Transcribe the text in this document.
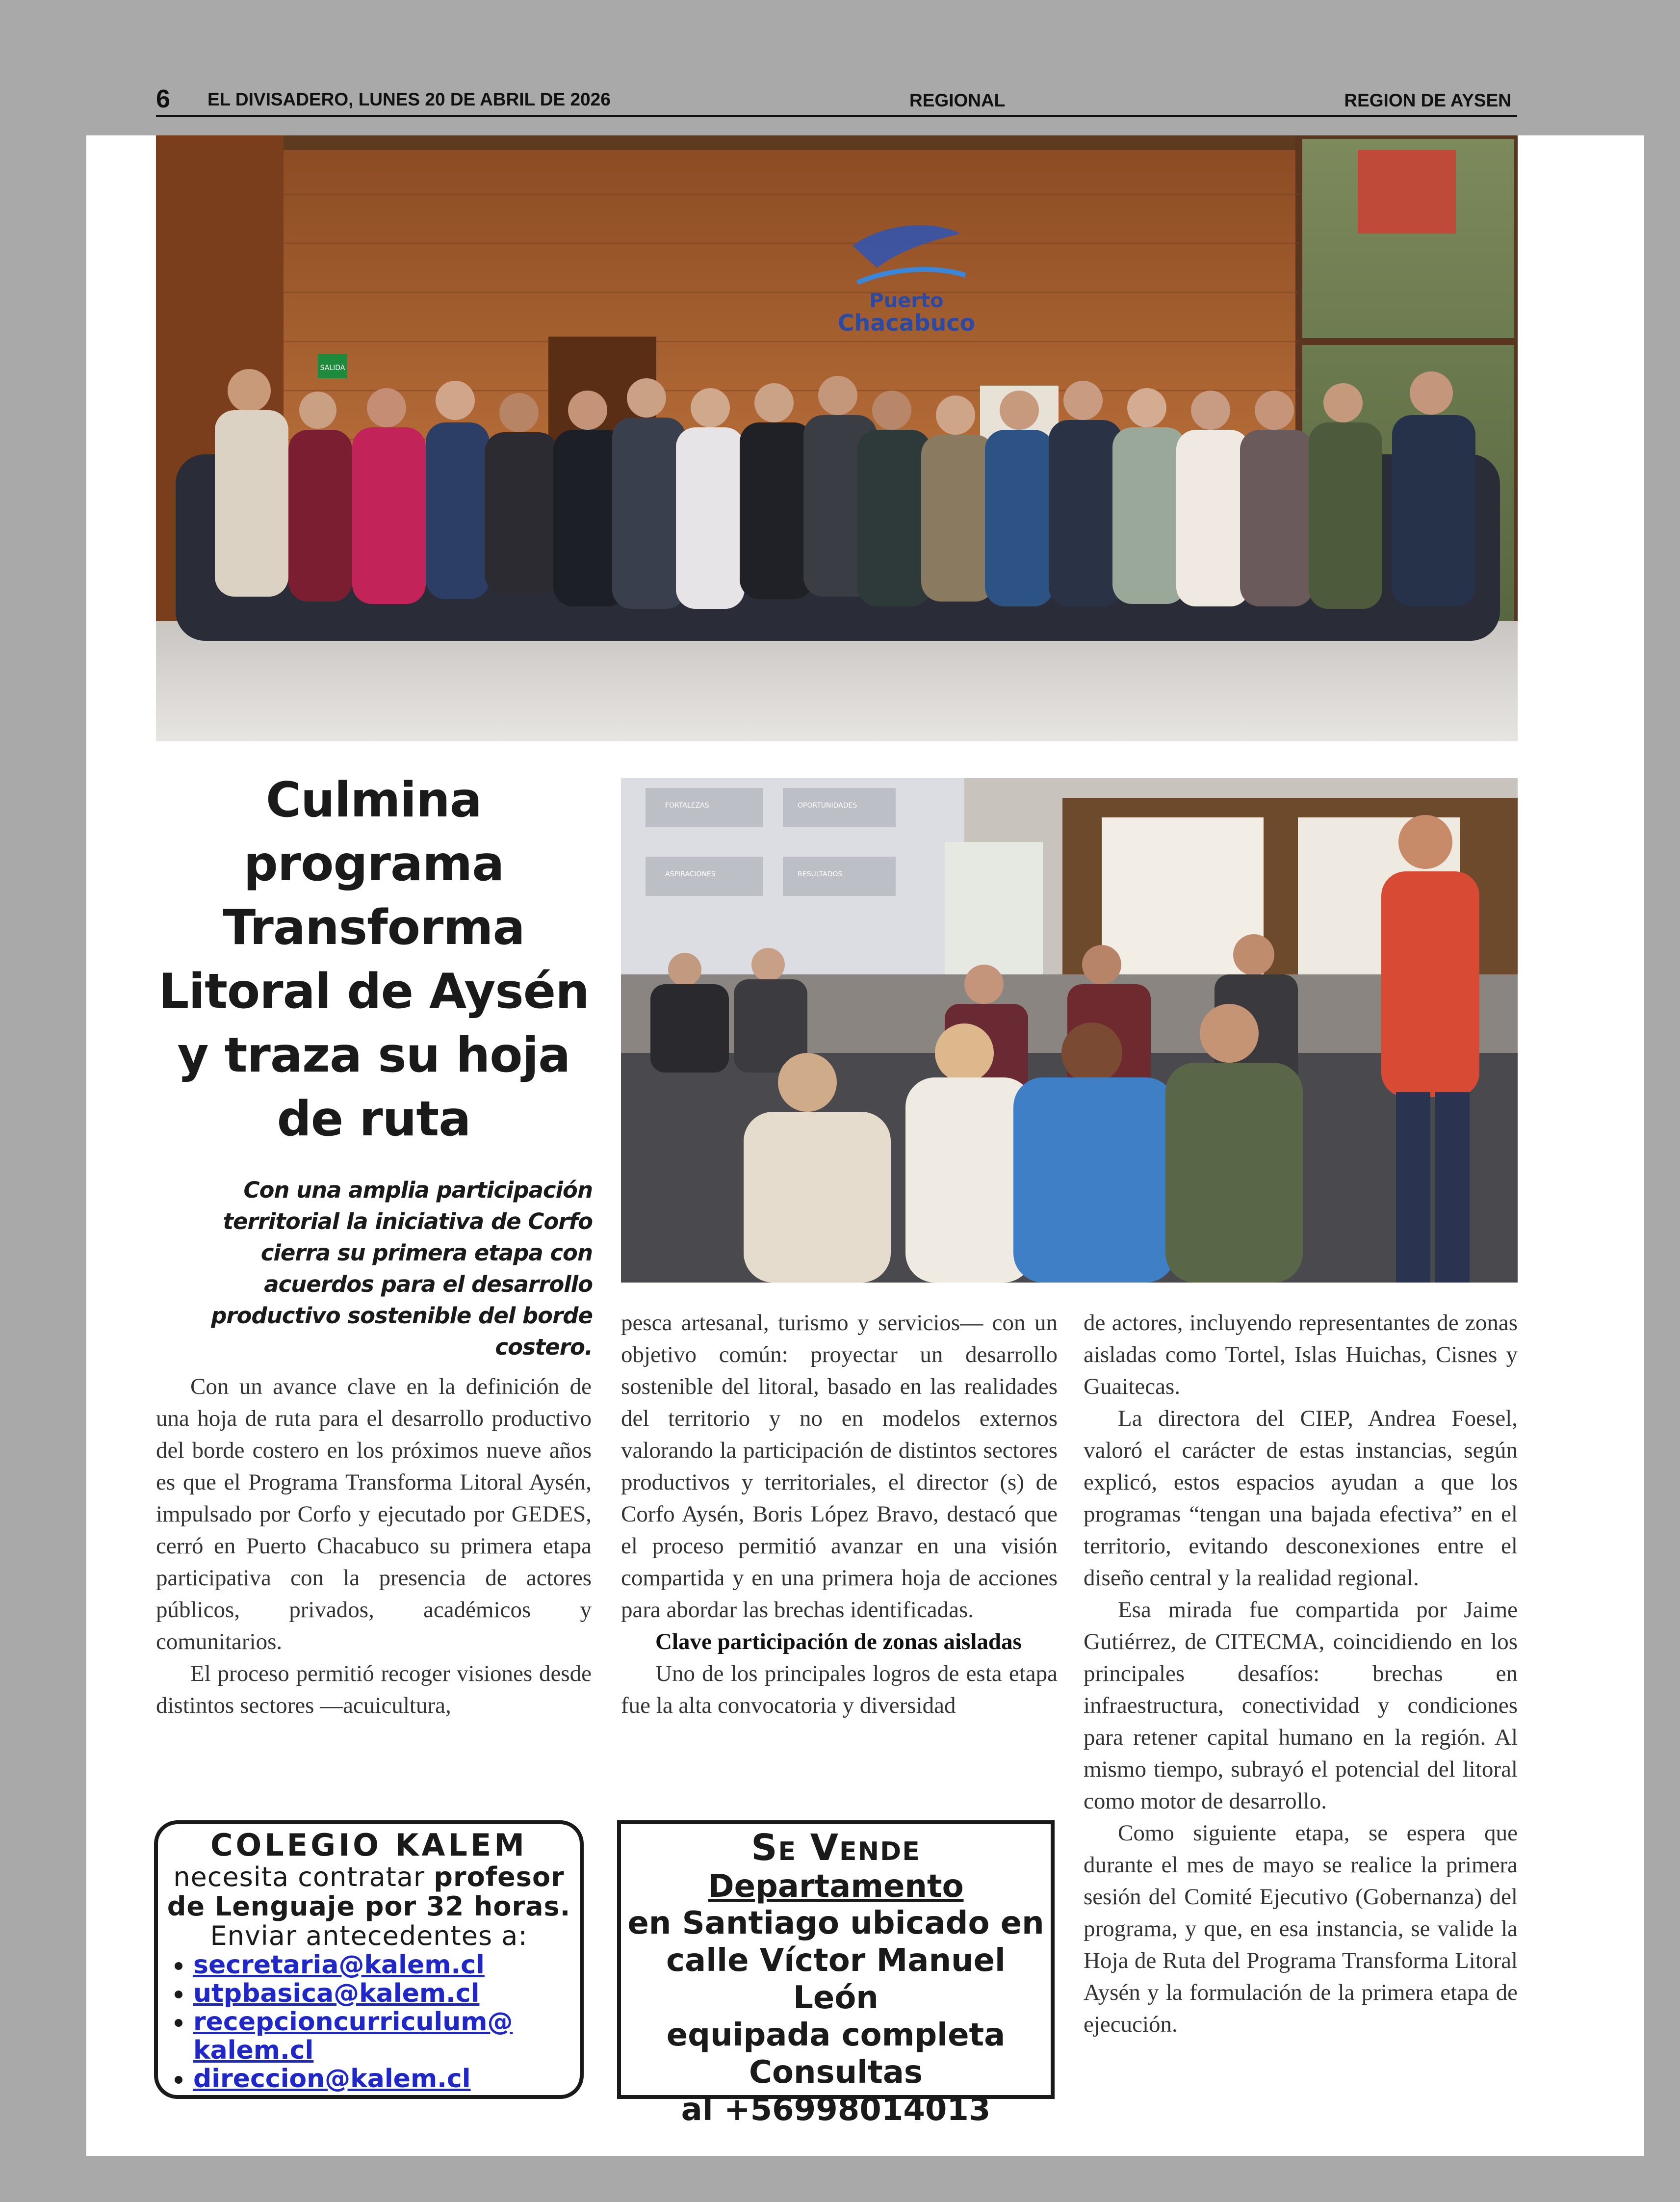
6 EL DIVISADERO, LUNES 20 DE ABRIL DE 2026	REGIONAL	REGION DE AYSEN
SALIDA
Puerto
Chacabuco
Culmina programa Transforma Litoral de Aysén y traza su hoja de ruta
Con una amplia participación territorial la iniciativa de Corfo cierra su primera etapa con acuerdos para el desarrollo productivo sostenible del borde costero.
FORTALEZAS	OPORTUNIDADES
ASPIRACIONES	RESULTADOS

Con un avance clave en la definición de una hoja de ruta para el desarrollo productivo del borde costero en los próximos nueve años es que el Programa Transforma Litoral Aysén, impulsado por Corfo y ejecutado por GEDES, cerró en Puerto Chacabuco su primera etapa participativa con la presencia de actores públicos, privados, académicos y comunitarios.

El proceso permitió recoger visiones desde distintos sectores —acuicultura,

pesca artesanal, turismo y servicios— con un objetivo común: proyectar un desarrollo sostenible del litoral, basado en las realidades del territorio y no en modelos externos valorando la participación de distintos sectores productivos y territoriales, el director (s) de Corfo Aysén, Boris López Bravo, destacó que el proceso permitió avanzar en una visión compartida y en una primera hoja de acciones para abordar las brechas identificadas.

Clave participación de zonas aisladas

Uno de los principales logros de esta etapa fue la alta convocatoria y diversidad

de actores, incluyendo representantes de zonas aisladas como Tortel, Islas Huichas, Cisnes y Guaitecas.

La directora del CIEP, Andrea Foesel, valoró el carácter de estas instancias, según explicó, estos espacios ayudan a que los programas “tengan una bajada efectiva” en el territorio, evitando desconexiones entre el diseño central y la realidad regional.

Esa mirada fue compartida por Jaime Gutiérrez, de CITECMA, coincidiendo en los principales desafíos: brechas en infraestructura, conectividad y condiciones para retener capital humano en la región. Al mismo tiempo, subrayó el potencial del litoral como motor de desarrollo.

Como siguiente etapa, se espera que durante el mes de mayo se realice la primera sesión del Comité Ejecutivo (Gobernanza) del programa, y que, en esa instancia, se valide la Hoja de Ruta del Programa Transforma Litoral Aysén y la formulación de la primera etapa de ejecución.

COLEGIO KALEM
necesita contratar profesor
de Lenguaje por 32 horas.
Enviar antecedentes a:
• secretaria@kalem.cl
• utpbasica@kalem.cl
• recepcioncurriculum@ kalem.cl
• direccion@kalem.cl
Se Vende
Departamento
en Santiago ubicado en
calle Víctor Manuel León
equipada completa
Consultas
al +56998014013
